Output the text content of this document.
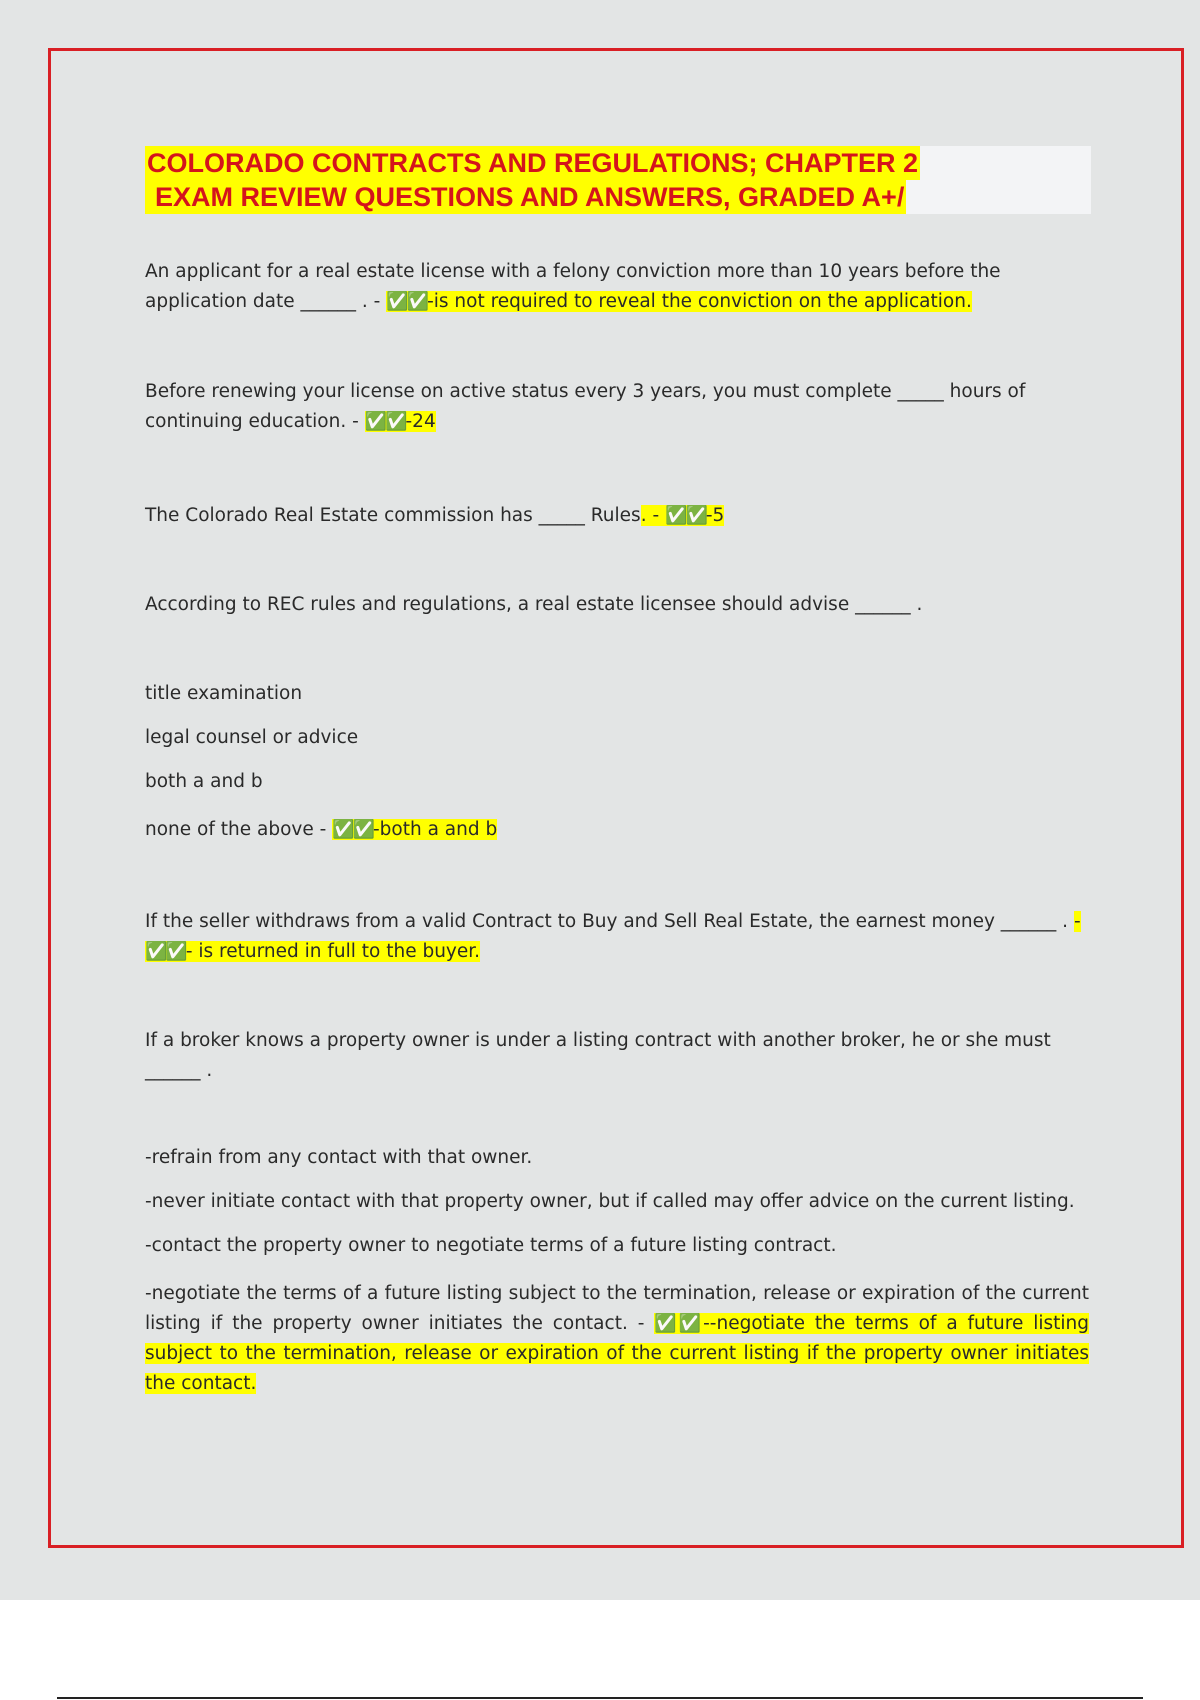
COLORADO CONTRACTS AND REGULATIONS; CHAPTER 2
EXAM REVIEW QUESTIONS AND ANSWERS, GRADED A+/
An applicant for a real estate license with a felony conviction more than 10 years before the application date ______ . - ✅✅-is not required to reveal the conviction on the application.
Before renewing your license on active status every 3 years, you must complete _____ hours of continuing education. - ✅✅-24
The Colorado Real Estate commission has _____ Rules. - ✅✅-5
According to REC rules and regulations, a real estate licensee should advise ______ .
title examination
legal counsel or advice
both a and b
none of the above - ✅✅-both a and b
If the seller withdraws from a valid Contract to Buy and Sell Real Estate, the earnest money ______ . - ✅✅- is returned in full to the buyer.
If a broker knows a property owner is under a listing contract with another broker, he or she must ______ .
-refrain from any contact with that owner.
-never initiate contact with that property owner, but if called may offer advice on the current listing.
-contact the property owner to negotiate terms of a future listing contract.
-negotiate the terms of a future listing subject to the termination, release or expiration of the current listing if the property owner initiates the contact. - ✅✅--negotiate the terms of a future listing subject to the termination, release or expiration of the current listing if the property owner initiates the contact.
